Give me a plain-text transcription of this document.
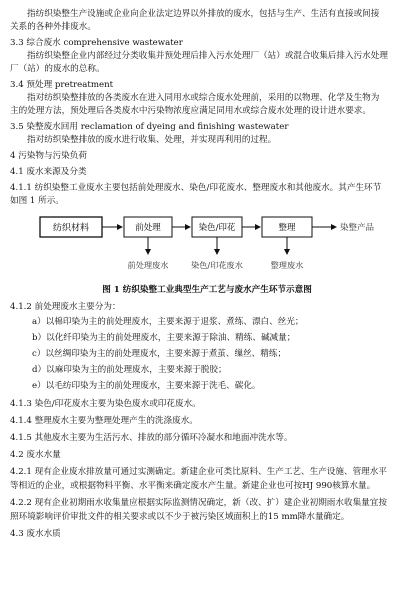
指纺织染整生产设施或企业向企业法定边界以外排放的废水，包括与生产、生活有直接或间接

关系的各种外排废水。

3.3 综合废水 comprehensive wastewater

指纺织染整企业内部经过分类收集并预处理后排入污水处理厂（站）或混合收集后排入污水处理

厂（站）的废水的总称。

3.4 预处理 pretreatment

指对纺织染整排放的各类废水在进入同用水或综合废水处理前，采用的以物理、化学及生物为

主的处理方法，预处理后各类废水中污染物浓度应满足同用水或综合废水处理的设计进水要求。

3.5 染整废水回用 reclamation of dyeing and finishing wastewater

指对纺织染整排放的废水进行收集、处理，并实现再利用的过程。

4 污染物与污染负荷

4.1 废水来源及分类

4.1.1 纺织染整工业废水主要包括前处理废水、染色/印花废水、整理废水和其他废水。其产生环节

如图 1 所示。

纺织材料	前处理	染色/印花	整理	染整产品
前处理废水	染色/印花废水	整理废水

图 1 纺织染整工业典型生产工艺与废水产生环节示意图

4.1.2 前处理废水主要分为：

a）以棉印染为主的前处理废水，主要来源于退浆、煮练、漂白、丝光；

b）以化纤印染为主的前处理废水，主要来源于除油、精练、碱减量；

c）以丝绸印染为主的前处理废水，主要来源于煮茧、缫丝、精练；

d）以麻印染为主的前处理废水，主要来源于脱胶；

e）以毛纺印染为主的前处理废水，主要来源于洗毛、碳化。

4.1.3 染色/印花废水主要为染色废水或印花废水。

4.1.4 整理废水主要为整理处理产生的洗涤废水。

4.1.5 其他废水主要为生活污水、排放的部分循环冷凝水和地面冲洗水等。

4.2 废水水量

4.2.1 现有企业废水排放量可通过实测确定。新建企业可类比原料、生产工艺、生产设施、管理水平

等相近的企业，或根据物料平衡、水平衡来确定废水产生量。新建企业也可按HJ 990核算水量。

4.2.2 现有企业初期雨水收集量应根据实际监测情况确定，新（改、扩）建企业初期雨水收集量宜按

照环境影响评价审批文件的相关要求或以不少于被污染区域面积上的15 mm降水量确定。

4.3 废水水质
